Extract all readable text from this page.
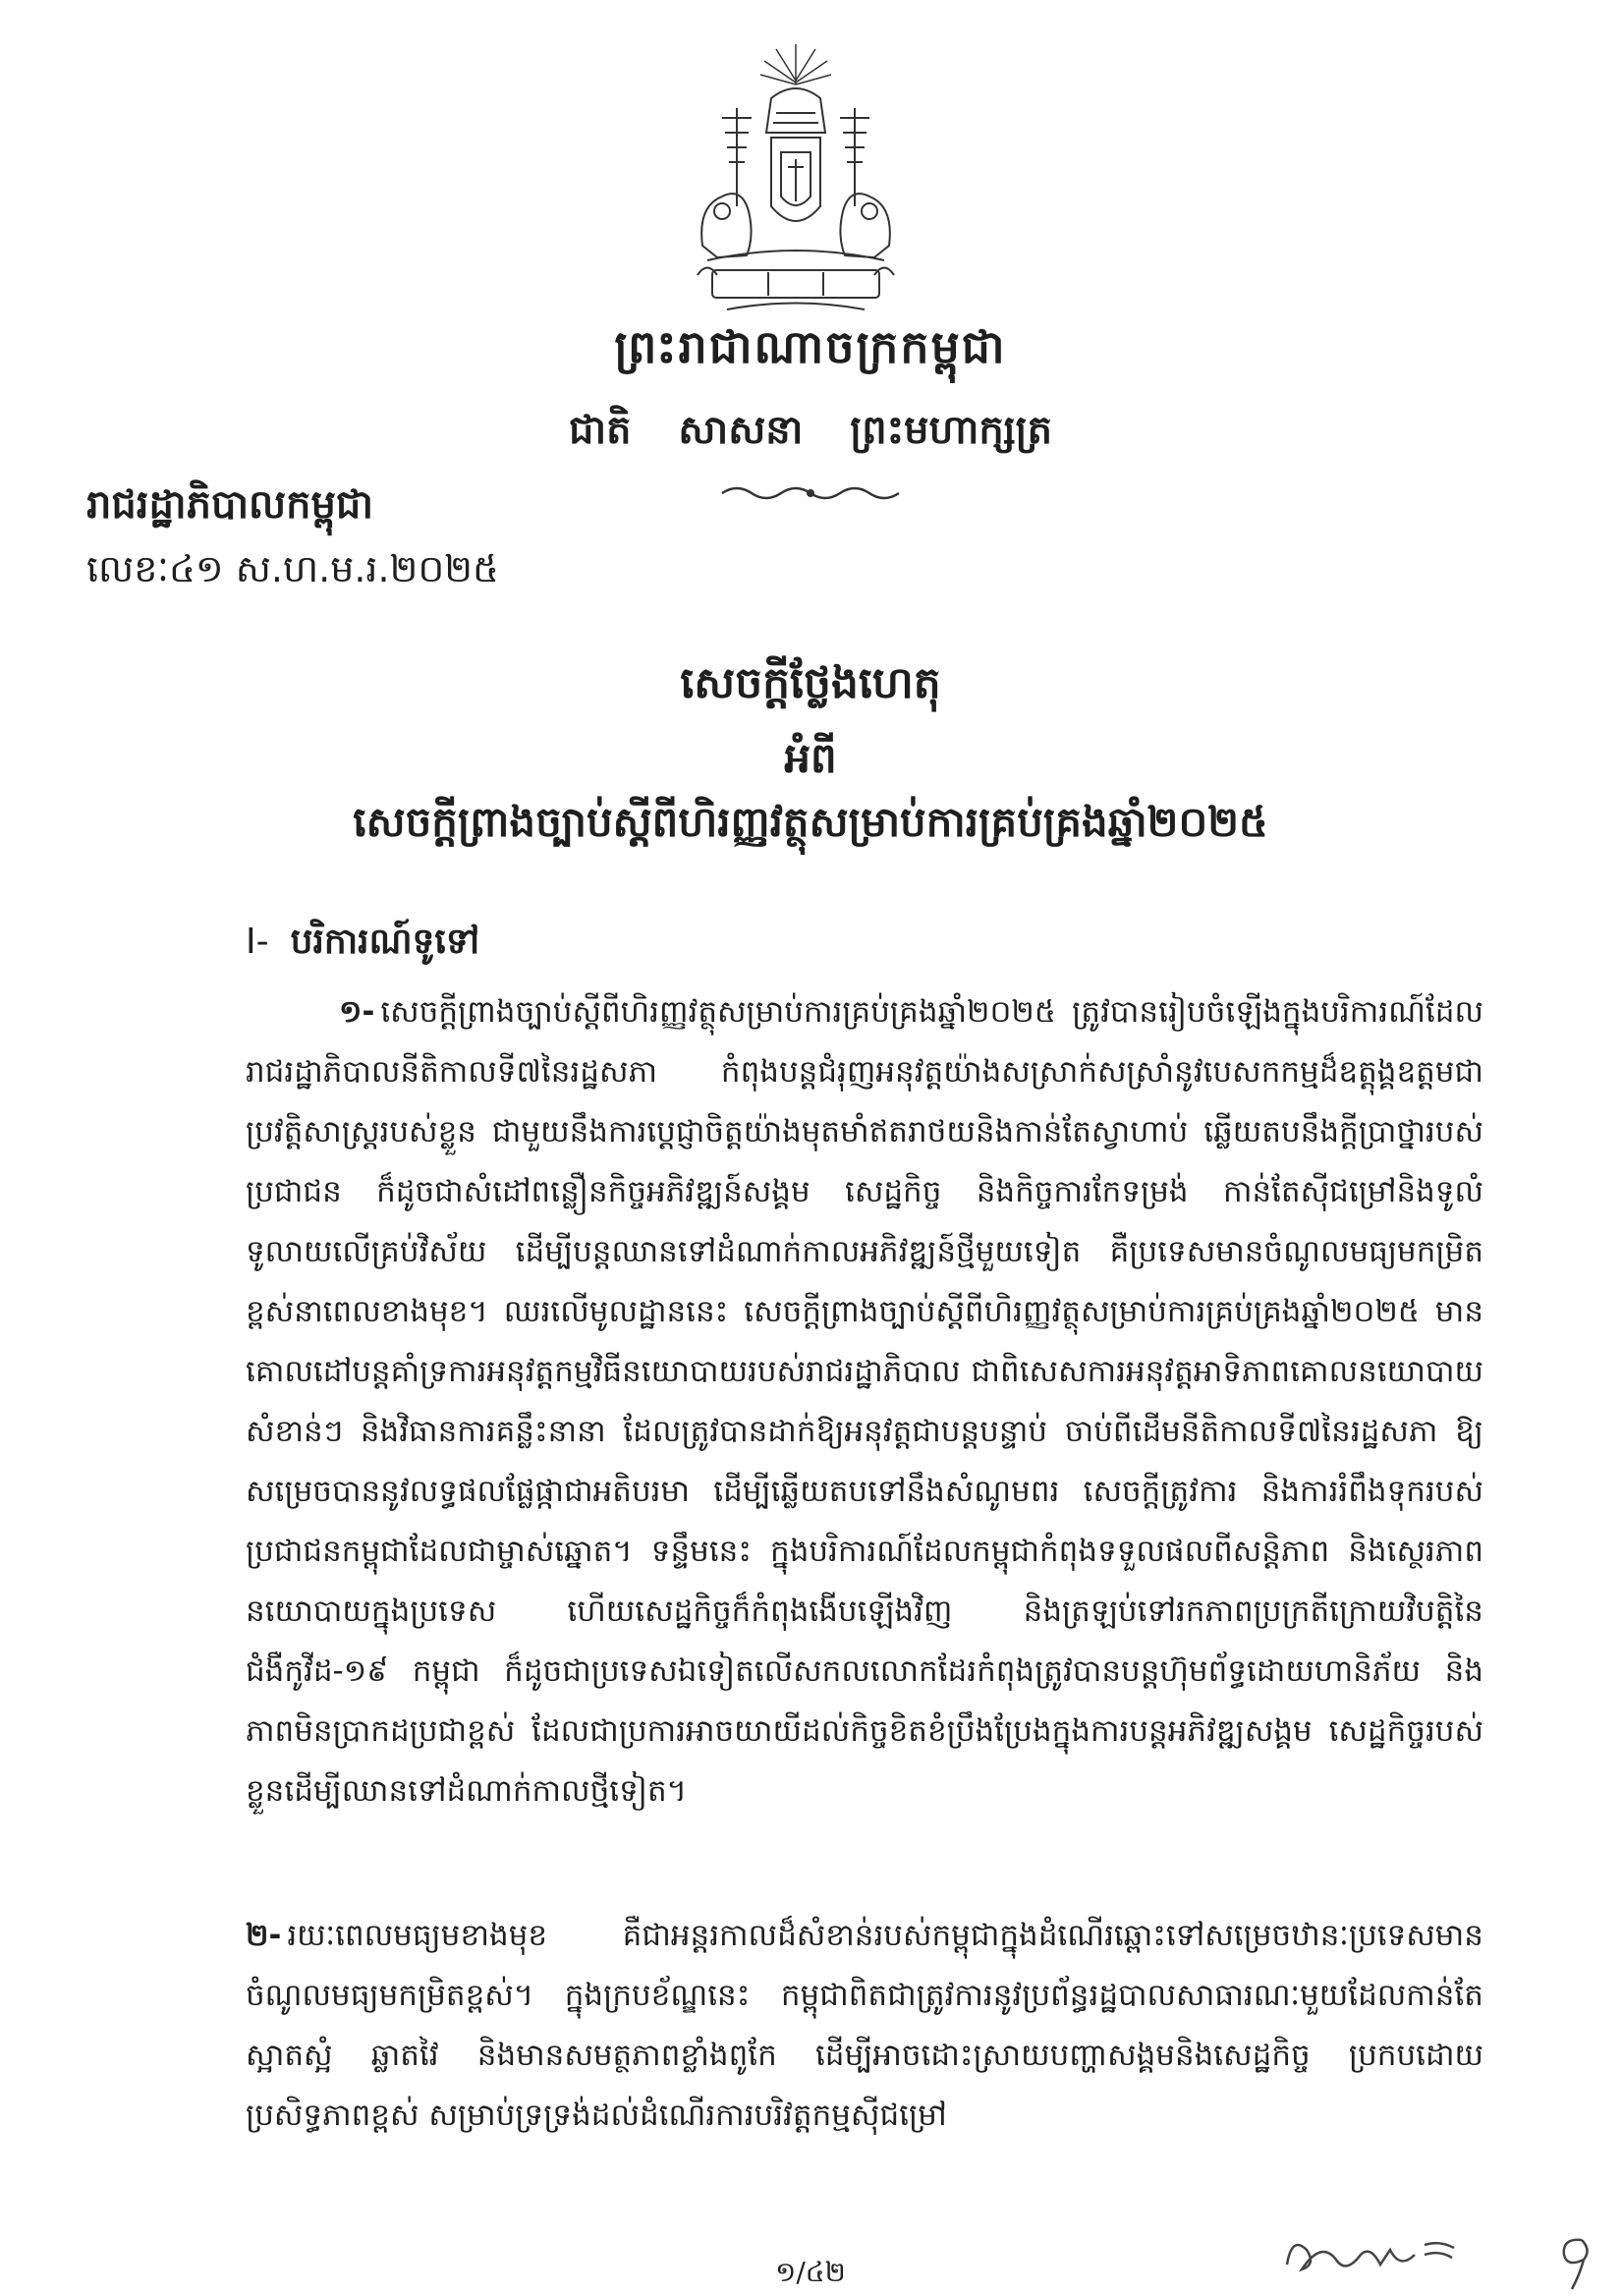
ព្រះរាជាណាចក្រកម្ពុជា
ជាតិ សាសនា ព្រះមហាក្សត្រ
រាជរដ្ឋាភិបាលកម្ពុជា
លេខៈ៤១ ស.ហ.ម.រ.២០២៥
សេចក្តីថ្លែងហេតុ
អំពី
សេចក្តីព្រាងច្បាប់ស្តីពីហិរញ្ញវត្ថុសម្រាប់ការគ្រប់គ្រងឆ្នាំ២០២៥
I- បរិការណ៍ទូទៅ
១- សេចក្តីព្រាងច្បាប់ស្តីពីហិរញ្ញវត្ថុសម្រាប់ការគ្រប់គ្រងឆ្នាំ២០២៥ ត្រូវបានរៀបចំឡើងក្នុងបរិការណ៍ដែលរាជរដ្ឋាភិបាលនីតិកាលទី៧នៃរដ្ឋសភា កំពុងបន្តជំរុញអនុវត្តយ៉ាងសស្រាក់សស្រាំនូវបេសកកម្មដ៏ឧត្តុង្គឧត្តមជាប្រវត្តិសាស្ត្ររបស់ខ្លួន ជាមួយនឹងការប្តេជ្ញាចិត្តយ៉ាងមុតមាំឥតរាថយនិងកាន់តែស្វាហាប់ ឆ្លើយតបនឹងក្តីប្រាថ្នារបស់ប្រជាជន ក៏ដូចជាសំដៅពន្លឿនកិច្ចអភិវឌ្ឍន៍សង្គម សេដ្ឋកិច្ច និងកិច្ចការកែទម្រង់ កាន់តែស៊ីជម្រៅនិងទូលំទូលាយលើគ្រប់វិស័យ ដើម្បីបន្តឈានទៅដំណាក់កាលអភិវឌ្ឍន៍ថ្មីមួយទៀត គឺប្រទេសមានចំណូលមធ្យមកម្រិតខ្ពស់នាពេលខាងមុខ។ ឈរលើមូលដ្ឋាននេះ សេចក្តីព្រាងច្បាប់ស្តីពីហិរញ្ញវត្ថុសម្រាប់ការគ្រប់គ្រងឆ្នាំ២០២៥ មានគោលដៅបន្តគាំទ្រការអនុវត្តកម្មវិធីនយោបាយរបស់រាជរដ្ឋាភិបាល ជាពិសេសការអនុវត្តអាទិភាពគោលនយោបាយសំខាន់ៗ និងវិធានការគន្លឹះនានា ដែលត្រូវបានដាក់ឱ្យអនុវត្តជាបន្តបន្ទាប់ ចាប់ពីដើមនីតិកាលទី៧នៃរដ្ឋសភា ឱ្យសម្រេចបាននូវលទ្ធផលផ្លែផ្កាជាអតិបរមា ដើម្បីឆ្លើយតបទៅនឹងសំណូមពរ សេចក្តីត្រូវការ និងការរំពឹងទុករបស់ប្រជាជនកម្ពុជាដែលជាម្ចាស់ឆ្នោត។ ទន្ទឹមនេះ ក្នុងបរិការណ៍ដែលកម្ពុជាកំពុងទទួលផលពីសន្តិភាព និងស្ថេរភាពនយោបាយក្នុងប្រទេស ហើយសេដ្ឋកិច្ចក៏កំពុងងើបឡើងវិញ និងត្រឡប់ទៅរកភាពប្រក្រតីក្រោយវិបត្តិនៃជំងឺកូវីដ-១៩ កម្ពុជា ក៏ដូចជាប្រទេសឯទៀតលើសកលលោកដែរកំពុងត្រូវបានបន្តហ៊ុមព័ទ្ធដោយហានិភ័យ និងភាពមិនប្រាកដប្រជាខ្ពស់ ដែលជាប្រការអាចយាយីដល់កិច្ចខិតខំប្រឹងប្រែងក្នុងការបន្តអភិវឌ្ឍសង្គម សេដ្ឋកិច្ចរបស់ខ្លួនដើម្បីឈានទៅដំណាក់កាលថ្មីទៀត។
២- រយៈពេលមធ្យមខាងមុខ គឺជាអន្តរកាលដ៏សំខាន់របស់កម្ពុជាក្នុងដំណើរឆ្ពោះទៅសម្រេចឋានៈប្រទេសមានចំណូលមធ្យមកម្រិតខ្ពស់។ ក្នុងក្របខ័ណ្ឌនេះ កម្ពុជាពិតជាត្រូវការនូវប្រព័ន្ធរដ្ឋបាលសាធារណៈមួយដែលកាន់តែស្អាតស្អំ ឆ្លាតវៃ និងមានសមត្ថភាពខ្លាំងពូកែ ដើម្បីអាចដោះស្រាយបញ្ហាសង្គមនិងសេដ្ឋកិច្ច ប្រកបដោយប្រសិទ្ធភាពខ្ពស់ សម្រាប់ទ្រទ្រង់ដល់ដំណើរការបរិវត្តកម្មស៊ីជម្រៅ
១/៤២
